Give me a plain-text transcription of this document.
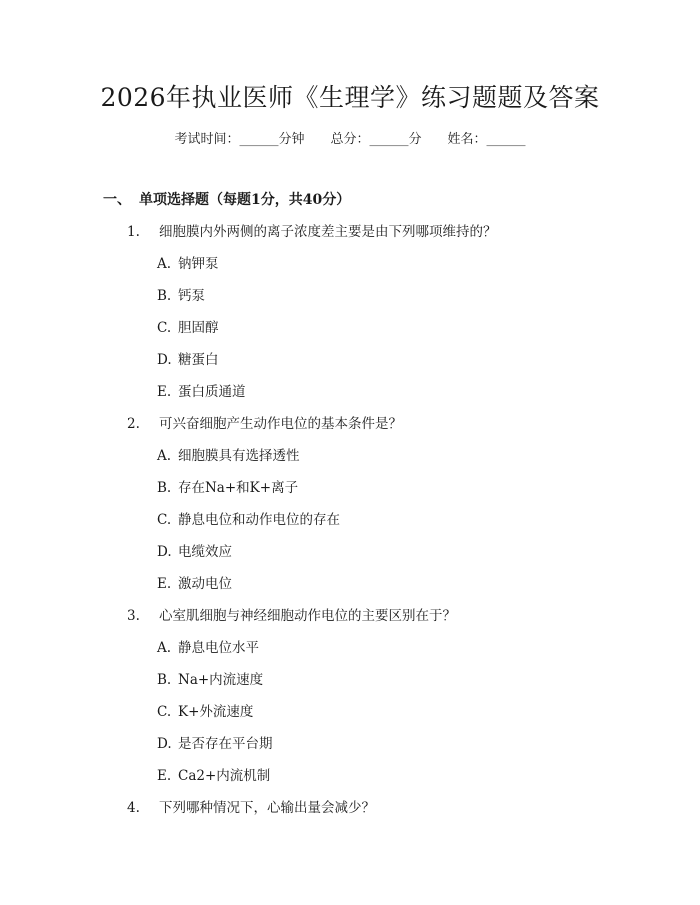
2026年执业医师《生理学》练习题题及答案
考试时间：______分钟 总分：______分 姓名：______
一、 单项选择题（每题1分，共40分）
1. 细胞膜内外两侧的离子浓度差主要是由下列哪项维持的？
A. 钠钾泵
B. 钙泵
C. 胆固醇
D. 糖蛋白
E. 蛋白质通道
2. 可兴奋细胞产生动作电位的基本条件是？
A. 细胞膜具有选择透性
B. 存在Na+和K+离子
C. 静息电位和动作电位的存在
D. 电缆效应
E. 激动电位
3. 心室肌细胞与神经细胞动作电位的主要区别在于？
A. 静息电位水平
B. Na+内流速度
C. K+外流速度
D. 是否存在平台期
E. Ca2+内流机制
4. 下列哪种情况下，心输出量会减少？
